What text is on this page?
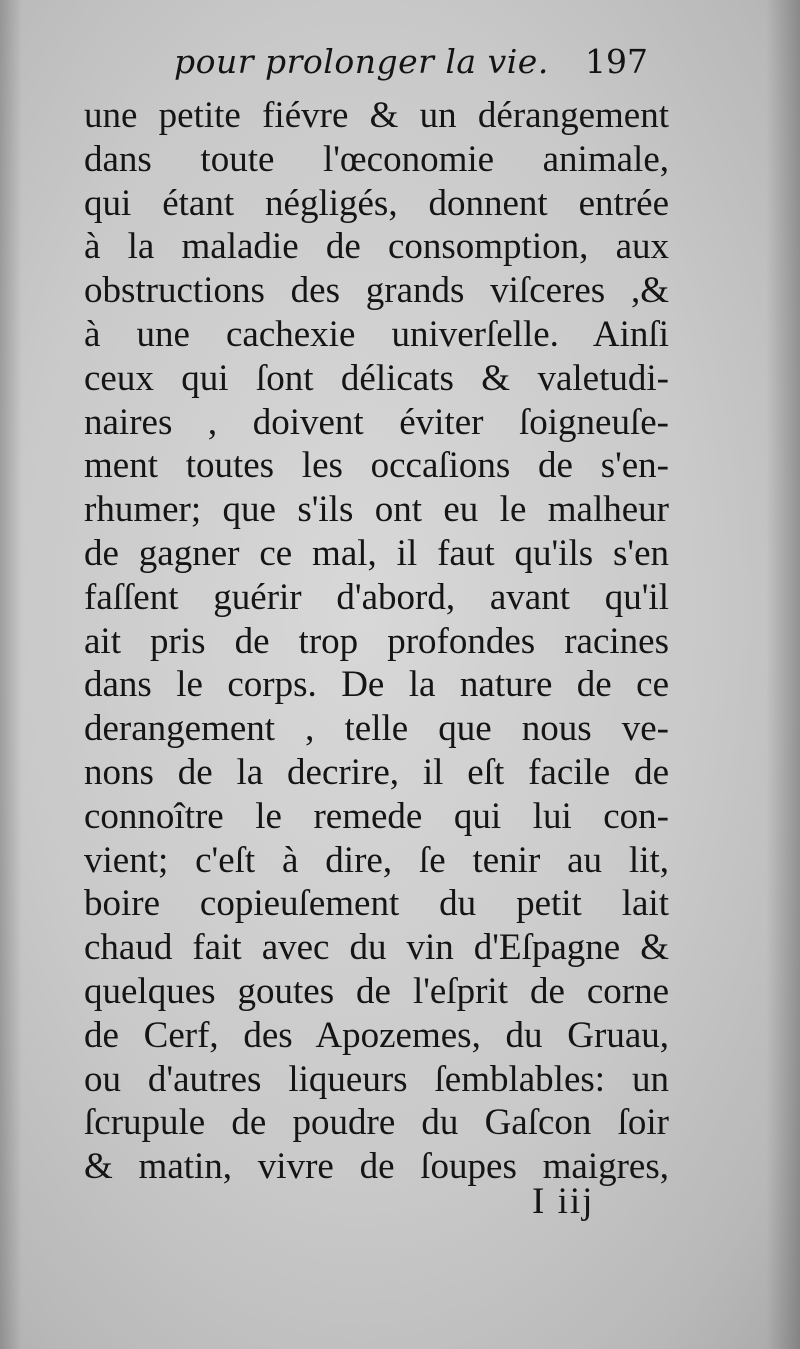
pour prolonger la vie. 197
une petite fiévre & un dérangement
dans toute l'œconomie animale,
qui étant négligés, donnent entrée
à la maladie de consomption, aux
obstructions des grands viſceres ,&
à une cachexie univerſelle. Ainſi
ceux qui ſont délicats & valetudi-
naires , doivent éviter ſoigneuſe-
ment toutes les occaſions de s'en-
rhumer; que s'ils ont eu le malheur
de gagner ce mal, il faut qu'ils s'en
faſſent guérir d'abord, avant qu'il
ait pris de trop profondes racines
dans le corps. De la nature de ce
derangement , telle que nous ve-
nons de la decrire, il eſt facile de
connoître le remede qui lui con-
vient; c'eſt à dire, ſe tenir au lit,
boire copieuſement du petit lait
chaud fait avec du vin d'Eſpagne &
quelques goutes de l'eſprit de corne
de Cerf, des Apozemes, du Gruau,
ou d'autres liqueurs ſemblables: un
ſcrupule de poudre du Gaſcon ſoir
& matin, vivre de ſoupes maigres,
I iij
